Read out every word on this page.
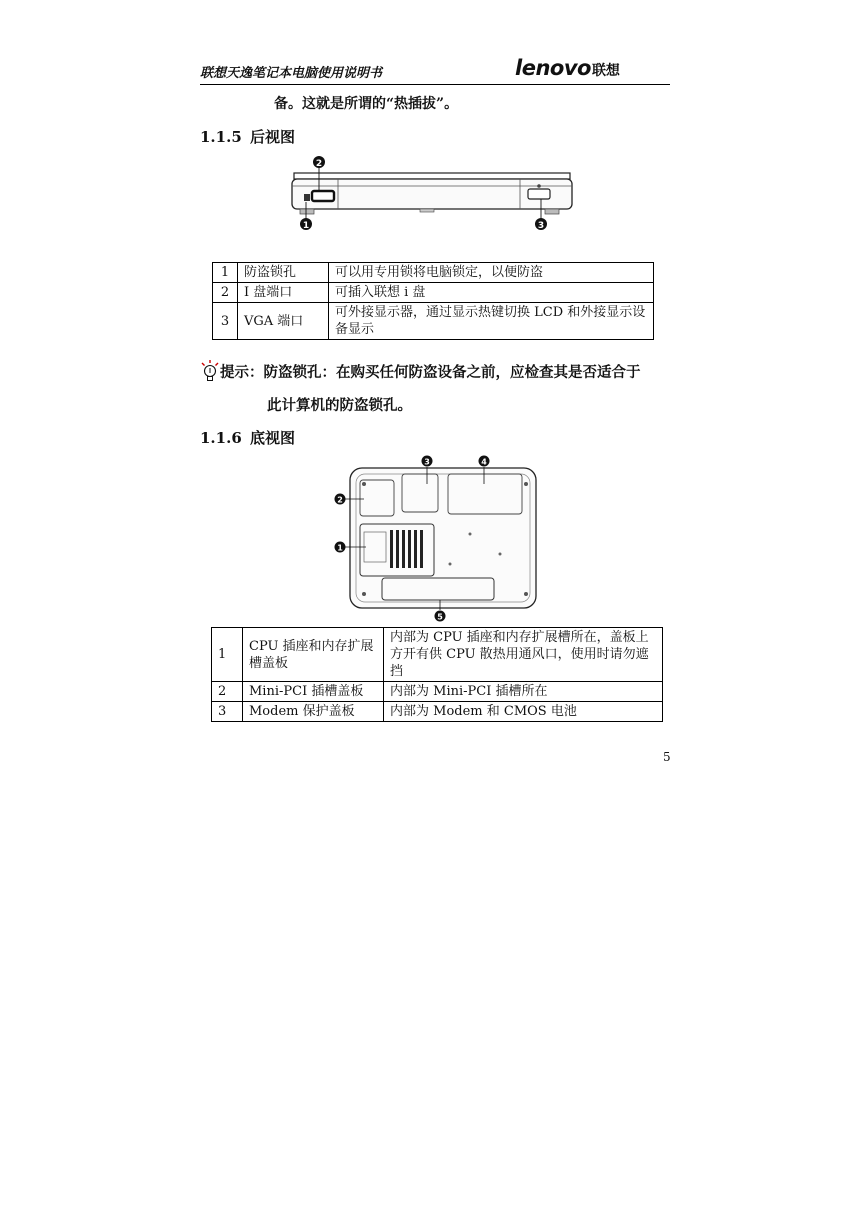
联想天逸笔记本电脑使用说明书	lenovo联想
备。这就是所谓的“热插拔”。
1.1.5 后视图
1
2
3
1	防盗锁孔	可以用专用锁将电脑锁定，以便防盗
2	I 盘端口	可插入联想 i 盘
3	VGA 端口	可外接显示器，通过显示热键切换 LCD 和外接显示设备显示
提示：防盗锁孔：在购买任何防盗设备之前，应检查其是否适合于
此计算机的防盗锁孔。
1.1.6 底视图
1
2
3	4
5
1	CPU 插座和内存扩展槽盖板	内部为 CPU 插座和内存扩展槽所在，盖板上方开有供 CPU 散热用通风口，使用时请勿遮挡
2	Mini-PCI 插槽盖板	内部为 Mini-PCI 插槽所在
3	Modem 保护盖板	内部为 Modem 和 CMOS 电池
5
